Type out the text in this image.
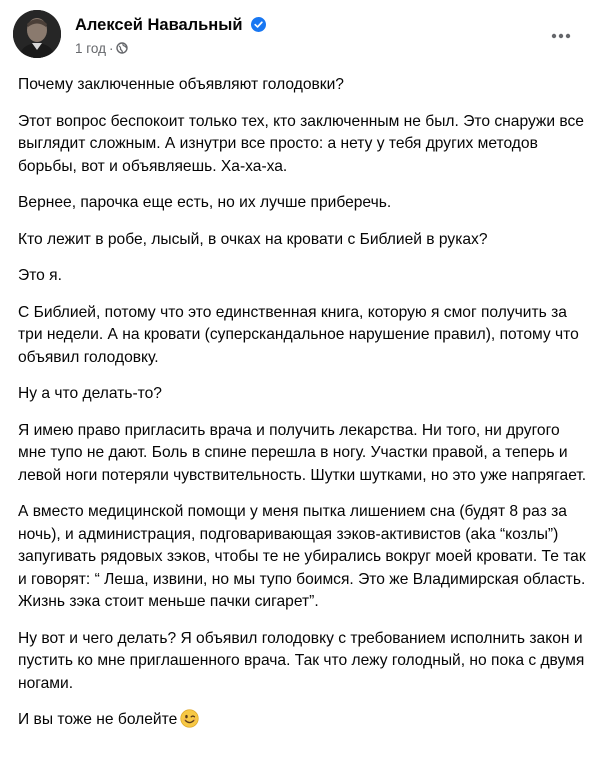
Алексей Навальный
1 год ·

Почему заключенные объявляют голодовки?

Этот вопрос беспокоит только тех, кто заключенным не был. Это снаружи все выглядит сложным. А изнутри все просто: а нету у тебя других методов борьбы, вот и объявляешь. Ха-ха-ха.

Вернее, парочка еще есть, но их лучше приберечь.

Кто лежит в робе, лысый, в очках на кровати с Библией в руках?

Это я.

С Библией, потому что это единственная книга, которую я смог получить за три недели. А на кровати (суперскандальное нарушение правил), потому что объявил голодовку.

Ну а что делать-то?

Я имею право пригласить врача и получить лекарства. Ни того, ни другого мне тупо не дают. Боль в спине перешла в ногу. Участки правой, а теперь и левой ноги потеряли чувствительность. Шутки шутками, но это уже напрягает.

А вместо медицинской помощи у меня пытка лишением сна (будят 8 раз за ночь), и администрация, подговаривающая зэков-активистов (aka “козлы”) запугивать рядовых зэков, чтобы те не убирались вокруг моей кровати. Те так и говорят: “ Леша, извини, но мы тупо боимся. Это же Владимирская область. Жизнь зэка стоит меньше пачки сигарет”.

Ну вот и чего делать? Я объявил голодовку с требованием исполнить закон и пустить ко мне приглашенного врача. Так что лежу голодный, но пока с двумя ногами.

И вы тоже не болейте
